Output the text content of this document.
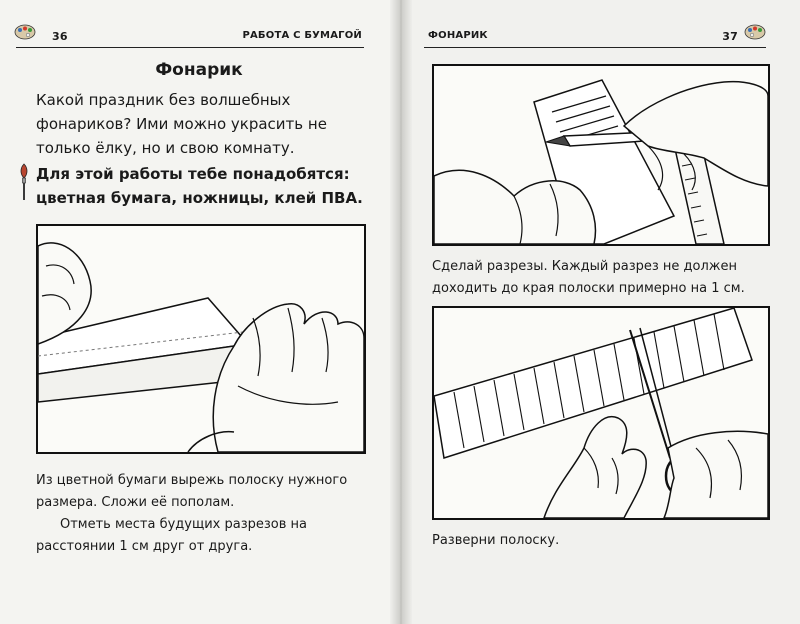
36	РАБОТА С БУМАГОЙ	ФОНАРИК	37
Фонарик

Какой праздник без волшебных фонариков? Ими можно украсить не только ёлку, но и свою комнату.

Для этой работы тебе понадобятся: цветная бумага, ножницы, клей ПВА.

Из цветной бумаги вырежь полоску нужного размера. Сложи её пополам.

Отметь места будущих разрезов на расстоянии 1 см друг от друга.

Сделай разрезы. Каждый разрез не должен доходить до края полоски примерно на 1 см.

Разверни полоску.
